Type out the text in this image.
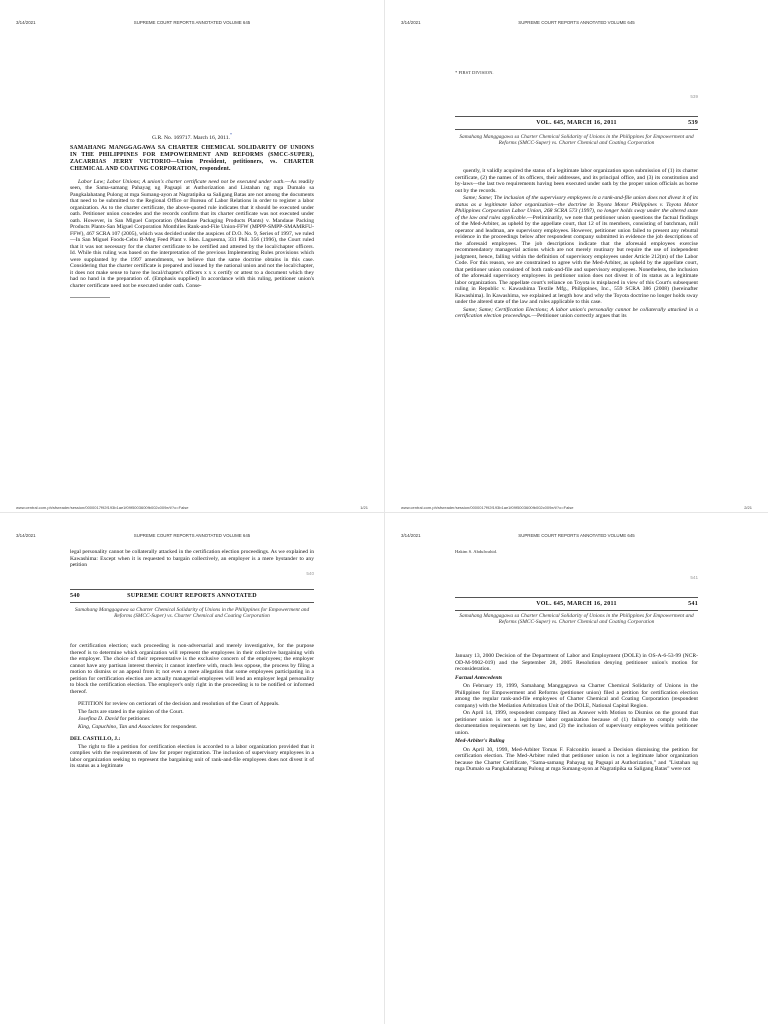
3/14/2021	SUPREME COURT REPORTS ANNOTATED VOLUME 645
G.R. No. 169717. March 16, 2011.*
SAMAHANG MANGGAGAWA SA CHARTER CHEMICAL SOLIDARITY OF UNIONS IN THE PHILIPPINES FOR EMPOWERMENT AND REFORMS (SMCC-SUPER), ZACARRIAS JERRY VICTORIO—Union President, petitioners, vs. CHARTER CHEMICAL AND COATING CORPORATION, respondent.

Labor Law; Labor Unions; A union's charter certificate need not be executed under oath.—As readily seen, the Sama-samang Pahayag ng Pagsapi at Authorization and Listahan ng mga Dumalo sa Pangkalahatang Pulong at mga Sumang-ayon at Nagratipika sa Saligang Batas are not among the documents that need to be submitted to the Regional Office or Bureau of Labor Relations in order to register a labor organization. As to the charter certificate, the above-quoted rule indicates that it should be executed under oath. Petitioner union concedes and the records confirm that its charter certificate was not executed under oath. However, in San Miguel Corporation (Mandaue Packaging Products Plants) v. Mandaue Packing Products Plants-San Miguel Corporation Monthlies Rank-and-File Union-FFW (MPPP-SMPP-SMAMRFU-FFW), 467 SCRA 107 (2005), which was decided under the auspices of D.O. No. 9, Series of 1997, we ruled—In San Miguel Foods-Cebu B-Meg Feed Plant v. Hon. Laguesma, 331 Phil. 356 (1996), the Court ruled that it was not necessary for the charter certificate to be certified and attested by the local/chapter officers. Id. While this ruling was based on the interpretation of the previous Implementing Rules provisions which were supplanted by the 1997 amendments, we believe that the same doctrine obtains in this case. Considering that the charter certificate is prepared and issued by the national union and not the local/chapter, it does not make sense to have the local/chapter's officers x x x certify or attest to a document which they had no hand in the preparation of. (Emphasis supplied) In accordance with this ruling, petitioner union's charter certificate need not be executed under oath. Conse-

www.central.com.ph/sfsreader/session/0000017f92f193b1ae1f09f5003600fb002c009e/t/?o=False	1/21
3/14/2021	SUPREME COURT REPORTS ANNOTATED VOLUME 645
* FIRST DIVISION.
539
VOL. 645, MARCH 16, 2011	539
Samahang Manggagawa sa Charter Chemical Solidarity of Unions in the Philippines for Empowerment and Reforms (SMCC-Super) vs. Charter Chemical and Coating Corporation

quently, it validly acquired the status of a legitimate labor organization upon submission of (1) its charter certificate, (2) the names of its officers, their addresses, and its principal office, and (3) its constitution and by-laws—the last two requirements having been executed under oath by the proper union officials as borne out by the records.

Same; Same; The inclusion of the supervisory employees in a rank-and-file union does not divest it of its status as a legitimate labor organization—the doctrine in Toyota Motor Philippines v. Toyota Motor Philippines Corporation Labor Union, 268 SCRA 573 (1997), no longer holds sway under the altered state of the law and rules applicable.—Preliminarily, we note that petitioner union questions the factual findings of the Med-Arbiter, as upheld by the appellate court, that 12 of its members, consisting of batchman, mill operator and leadman, are supervisory employees. However, petitioner union failed to present any rebuttal evidence in the proceedings below after respondent company submitted in evidence the job descriptions of the aforesaid employees. The job descriptions indicate that the aforesaid employees exercise recommendatory managerial actions which are not merely routinary but require the use of independent judgment, hence, falling within the definition of supervisory employees under Article 212(m) of the Labor Code. For this reason, we are constrained to agree with the Med-Arbiter, as upheld by the appellate court, that petitioner union consisted of both rank-and-file and supervisory employees. Nonetheless, the inclusion of the aforesaid supervisory employees in petitioner union does not divest it of its status as a legitimate labor organization. The appellate court's reliance on Toyota is misplaced in view of this Court's subsequent ruling in Republic v. Kawashima Textile Mfg., Philippines, Inc., 559 SCRA 386 (2008) (hereinafter Kawashima). In Kawashima, we explained at length how and why the Toyota doctrine no longer holds sway under the altered state of the law and rules applicable to this case.

Same; Same; Certification Elections; A labor union's personality cannot be collaterally attacked in a certification election proceedings.—Petitioner union correctly argues that its

www.central.com.ph/sfsreader/session/0000017f92f193b1ae1f09f5003600fb002c009e/t/?o=False	2/21
3/14/2021	SUPREME COURT REPORTS ANNOTATED VOLUME 645

legal personality cannot be collaterally attacked in the certification election proceedings. As we explained in Kawashima: Except when it is requested to bargain collectively, an employer is a mere bystander to any petition

540
540	SUPREME COURT REPORTS ANNOTATED
Samahang Manggagawa sa Charter Chemical Solidarity of Unions in the Philippines for Empowerment and Reforms (SMCC-Super) vs. Charter Chemical and Coating Corporation

for certification election; such proceeding is non-adversarial and merely investigative, for the purpose thereof is to determine which organization will represent the employees in their collective bargaining with the employer. The choice of their representative is the exclusive concern of the employees; the employer cannot have any partisan interest therein; it cannot interfere with, much less oppose, the process by filing a motion to dismiss or an appeal from it; not even a mere allegation that some employees participating in a petition for certification election are actually managerial employees will lend an employer legal personality to block the certification election. The employer's only right in the proceeding is to be notified or informed thereof.

PETITION for review on certiorari of the decision and resolution of the Court of Appeals.

The facts are stated in the opinion of the Court.

Josefina D. David for petitioner.

King, Capuchino, Tan and Associates for respondent.

DEL CASTILLO, J.:

The right to file a petition for certification election is accorded to a labor organization provided that it complies with the requirements of law for proper registration. The inclusion of supervisory employees in a labor organization seeking to represent the bargaining unit of rank-and-file employees does not divest it of its status as a legitimate

3/14/2021	SUPREME COURT REPORTS ANNOTATED VOLUME 645
Hakim S. Abdulwahid.
541
VOL. 645, MARCH 16, 2011	541
Samahang Manggagawa sa Charter Chemical Solidarity of Unions in the Philippines for Empowerment and Reforms (SMCC-Super) vs. Charter Chemical and Coating Corporation

January 13, 2000 Decision of the Department of Labor and Employment (DOLE) in OS-A-6-53-99 (NCR-OD-M-9902-019) and the September 28, 2005 Resolution denying petitioner union's motion for reconsideration.

Factual Antecedents

On February 19, 1999, Samahang Manggagawa sa Charter Chemical Solidarity of Unions in the Philippines for Empowerment and Reforms (petitioner union) filed a petition for certification election among the regular rank-and-file employees of Charter Chemical and Coating Corporation (respondent company) with the Mediation Arbitration Unit of the DOLE, National Capital Region.

On April 14, 1999, respondent company filed an Answer with Motion to Dismiss on the ground that petitioner union is not a legitimate labor organization because of (1) failure to comply with the documentation requirements set by law, and (2) the inclusion of supervisory employees within petitioner union.

Med-Arbiter's Ruling

On April 30, 1999, Med-Arbiter Tomas F. Falconitin issued a Decision dismissing the petition for certification election. The Med-Arbiter ruled that petitioner union is not a legitimate labor organization because the Charter Certificate, "Sama-samang Pahayag ng Pagsapi at Authorization," and "Listahan ng mga Dumalo sa Pangkalahatang Pulong at mga Sumang-ayon at Nagratipika sa Saligang Batas" were not
